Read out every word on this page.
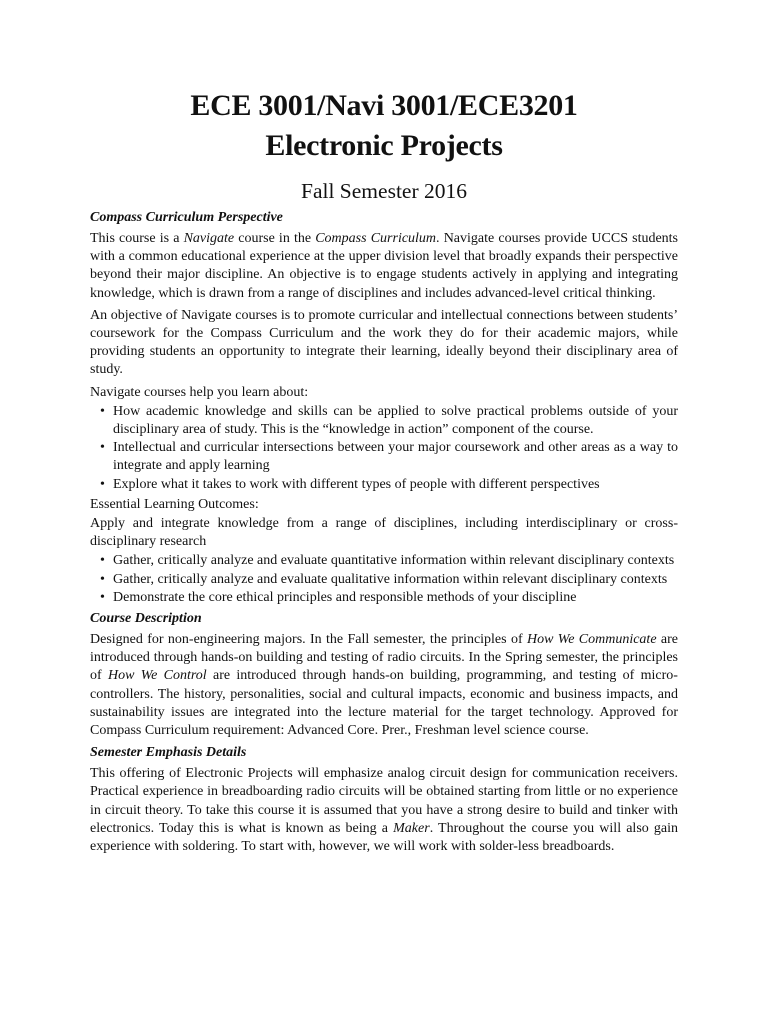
ECE 3001/Navi 3001/ECE3201
Electronic Projects
Fall Semester 2016
Compass Curriculum Perspective

This course is a Navigate course in the Compass Curriculum. Navigate courses provide UCCS students with a common educational experience at the upper division level that broadly expands their perspective beyond their major discipline. An objective is to engage students actively in applying and integrating knowledge, which is drawn from a range of disciplines and includes advanced-level critical thinking.

An objective of Navigate courses is to promote curricular and intellectual connections between students’ coursework for the Compass Curriculum and the work they do for their academic majors, while providing students an opportunity to integrate their learning, ideally beyond their disciplinary area of study.

Navigate courses help you learn about:

• How academic knowledge and skills can be applied to solve practical problems outside of your disciplinary area of study. This is the “knowledge in action” component of the course.
• Intellectual and curricular intersections between your major coursework and other areas as a way to integrate and apply learning
• Explore what it takes to work with different types of people with different perspectives

Essential Learning Outcomes:

Apply and integrate knowledge from a range of disciplines, including interdisciplinary or cross-disciplinary research

• Gather, critically analyze and evaluate quantitative information within relevant disciplinary contexts
• Gather, critically analyze and evaluate qualitative information within relevant disciplinary contexts
• Demonstrate the core ethical principles and responsible methods of your discipline
Course Description

Designed for non-engineering majors. In the Fall semester, the principles of How We Communicate are introduced through hands-on building and testing of radio circuits. In the Spring semester, the principles of How We Control are introduced through hands-on building, programming, and testing of micro-controllers. The history, personalities, social and cultural impacts, economic and business impacts, and sustainability issues are integrated into the lecture material for the target technology. Approved for Compass Curriculum requirement: Advanced Core. Prer., Freshman level science course.

Semester Emphasis Details

This offering of Electronic Projects will emphasize analog circuit design for communication receivers. Practical experience in breadboarding radio circuits will be obtained starting from little or no experience in circuit theory. To take this course it is assumed that you have a strong desire to build and tinker with electronics. Today this is what is known as being a Maker. Throughout the course you will also gain experience with soldering. To start with, however, we will work with solder-less breadboards.
